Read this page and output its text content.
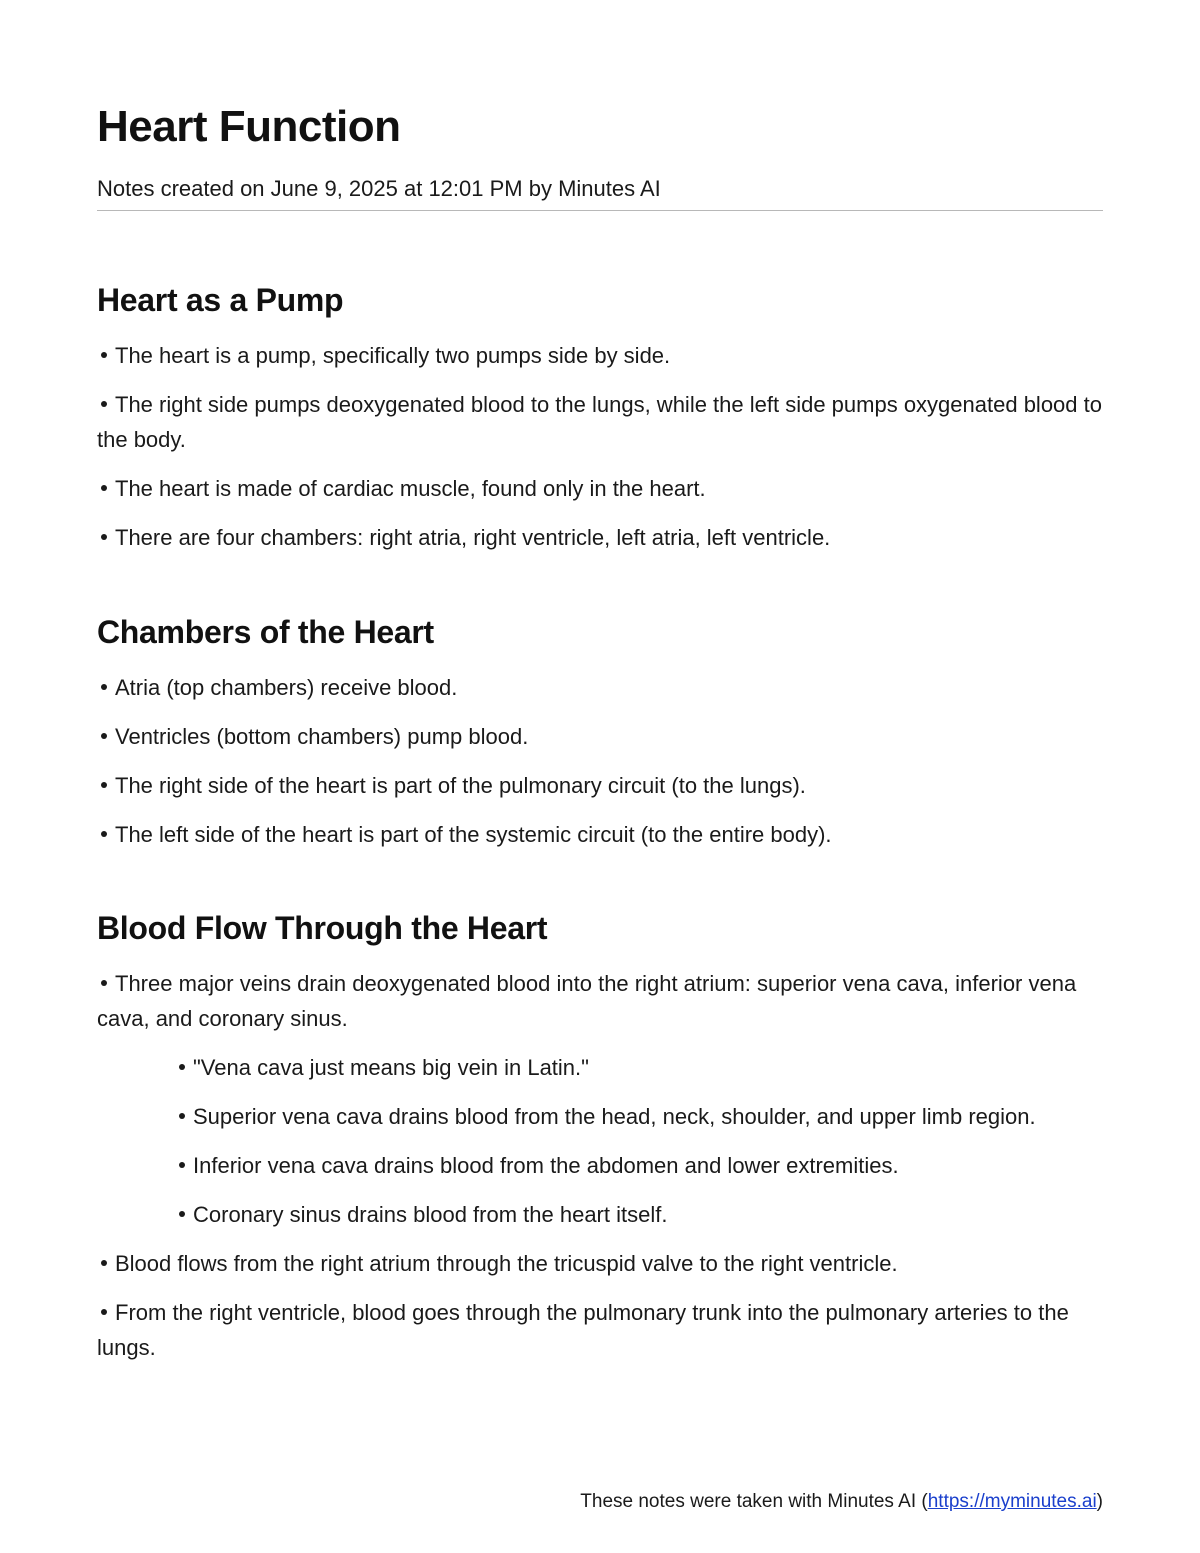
Heart Function
Notes created on June 9, 2025 at 12:01 PM by Minutes AI
Heart as a Pump
The heart is a pump, specifically two pumps side by side.
The right side pumps deoxygenated blood to the lungs, while the left side pumps oxygenated blood to the body.
The heart is made of cardiac muscle, found only in the heart.
There are four chambers: right atria, right ventricle, left atria, left ventricle.
Chambers of the Heart
Atria (top chambers) receive blood.
Ventricles (bottom chambers) pump blood.
The right side of the heart is part of the pulmonary circuit (to the lungs).
The left side of the heart is part of the systemic circuit (to the entire body).
Blood Flow Through the Heart
Three major veins drain deoxygenated blood into the right atrium: superior vena cava, inferior vena cava, and coronary sinus.
"Vena cava just means big vein in Latin."
Superior vena cava drains blood from the head, neck, shoulder, and upper limb region.
Inferior vena cava drains blood from the abdomen and lower extremities.
Coronary sinus drains blood from the heart itself.
Blood flows from the right atrium through the tricuspid valve to the right ventricle.
From the right ventricle, blood goes through the pulmonary trunk into the pulmonary arteries to the lungs.
These notes were taken with Minutes AI (https://myminutes.ai)
